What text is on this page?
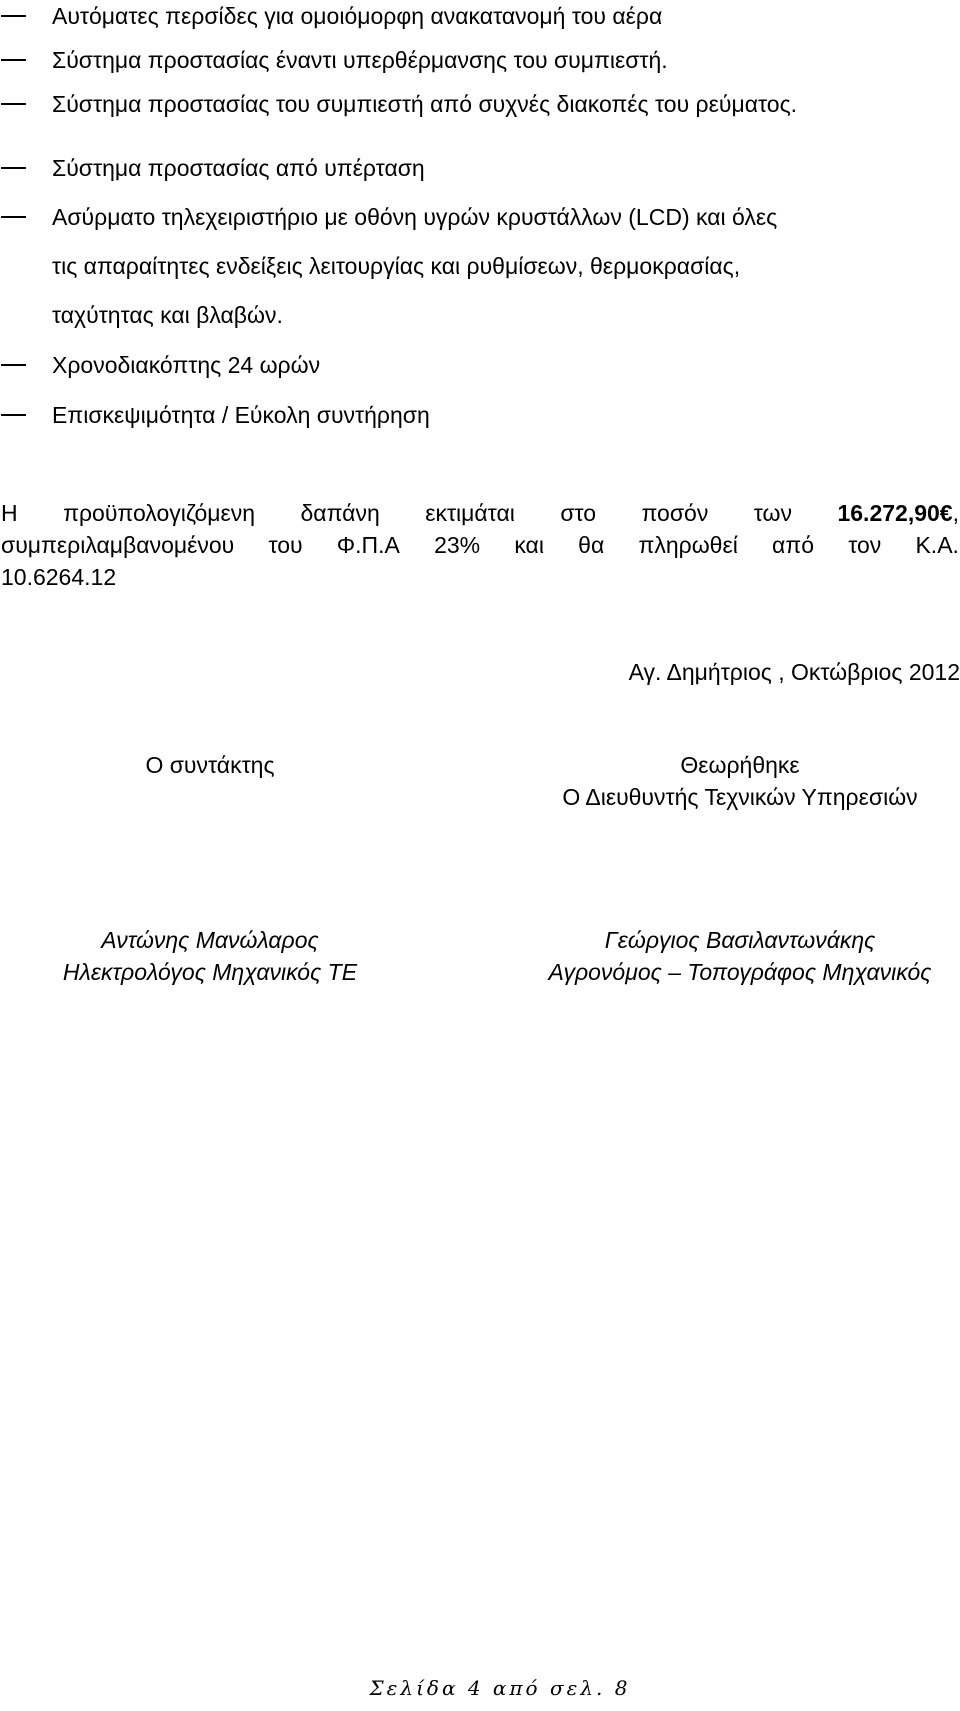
Αυτόματες περσίδες για ομοιόμορφη ανακατανομή του αέρα
Σύστημα προστασίας έναντι υπερθέρμανσης του συμπιεστή.
Σύστημα προστασίας του συμπιεστή από συχνές διακοπές του ρεύματος.
Σύστημα προστασίας από υπέρταση
Ασύρματο τηλεχειριστήριο με οθόνη υγρών κρυστάλλων (LCD) και όλες
τις απαραίτητες ενδείξεις λειτουργίας και ρυθμίσεων, θερμοκρασίας,
ταχύτητας και βλαβών.
Χρονοδιακόπτης 24 ωρών
Επισκεψιμότητα / Εύκολη συντήρηση
Η προϋπολογιζόμενη δαπάνη εκτιμάται στο ποσόν των 16.272,90€,
συμπεριλαμβανομένου του Φ.Π.Α 23% και θα πληρωθεί από τον Κ.Α.
10.6264.12
Αγ. Δημήτριος , Οκτώβριος 2012
Ο συντάκτης	Θεωρήθηκε
Ο Διευθυντής Τεχνικών Υπηρεσιών
Αντώνης Μανώλαρος
Ηλεκτρολόγος Μηχανικός ΤΕ
Γεώργιος Βασιλαντωνάκης
Αγρονόμος – Τοπογράφος Μηχανικός
Σελίδα 4 από σελ. 8
